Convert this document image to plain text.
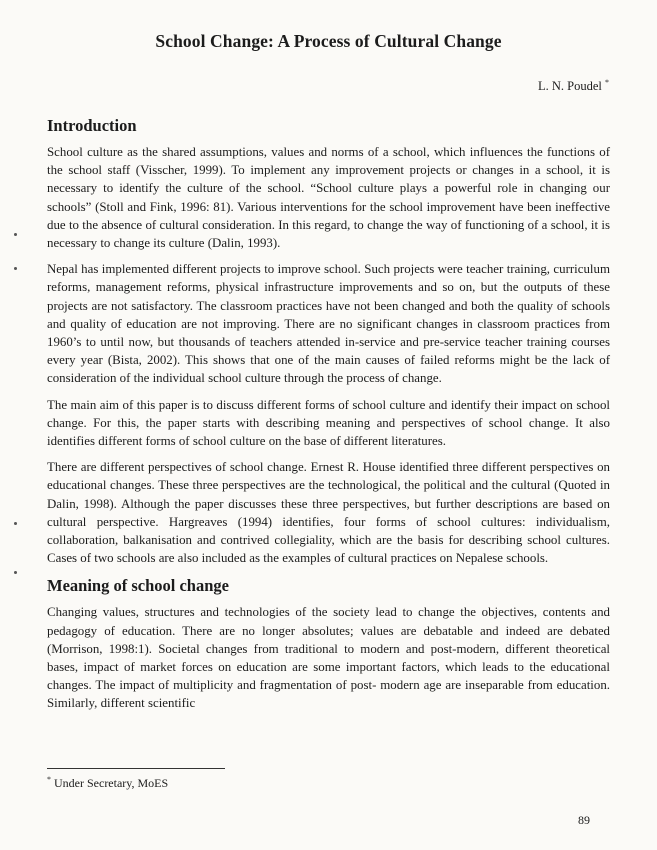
School Change: A Process of Cultural Change
L. N. Poudel *
Introduction

School culture as the shared assumptions, values and norms of a school, which influences the functions of the school staff (Visscher, 1999). To implement any improvement projects or changes in a school, it is necessary to identify the culture of the school. “School culture plays a powerful role in changing our schools” (Stoll and Fink, 1996: 81). Various interventions for the school improvement have been ineffective due to the absence of cultural consideration. In this regard, to change the way of functioning of a school, it is necessary to change its culture (Dalin, 1993).

Nepal has implemented different projects to improve school. Such projects were teacher training, curriculum reforms, management reforms, physical infrastructure improvements and so on, but the outputs of these projects are not satisfactory. The classroom practices have not been changed and both the quality of schools and quality of education are not improving. There are no significant changes in classroom practices from 1960’s to until now, but thousands of teachers attended in-service and pre-service teacher training courses every year (Bista, 2002). This shows that one of the main causes of failed reforms might be the lack of consideration of the individual school culture through the process of change.

The main aim of this paper is to discuss different forms of school culture and identify their impact on school change. For this, the paper starts with describing meaning and perspectives of school change. It also identifies different forms of school culture on the base of different literatures.

There are different perspectives of school change. Ernest R. House identified three different perspectives on educational changes. These three perspectives are the technological, the political and the cultural (Quoted in Dalin, 1998). Although the paper discusses these three perspectives, but further descriptions are based on cultural perspective. Hargreaves (1994) identifies, four forms of school cultures: individualism, collaboration, balkanisation and contrived collegiality, which are the basis for describing school cultures. Cases of two schools are also included as the examples of cultural practices on Nepalese schools.

Meaning of school change

Changing values, structures and technologies of the society lead to change the objectives, contents and pedagogy of education. There are no longer absolutes; values are debatable and indeed are debated (Morrison, 1998:1). Societal changes from traditional to modern and post-modern, different theoretical bases, impact of market forces on education are some important factors, which leads to the educational changes. The impact of multiplicity and fragmentation of post- modern age are inseparable from education. Similarly, different scientific

* Under Secretary, MoES
89
